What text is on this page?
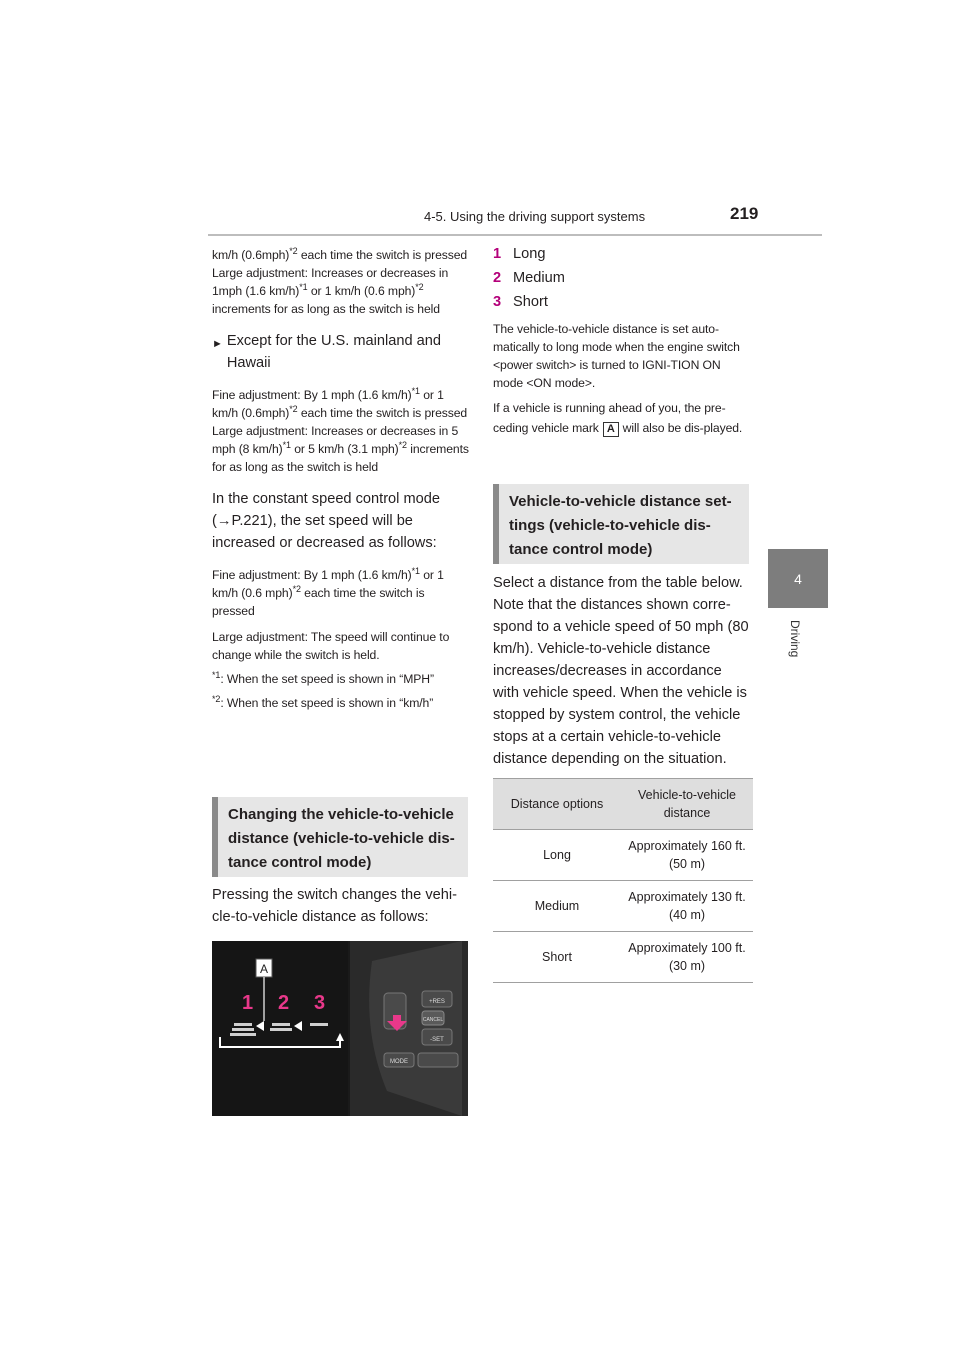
4-5. Using the driving support systems	219
4
Driving

km/h $(0.6mph)^{*2}$ each time the switch is pressed

Large adjustment: Increases or decreases in 1mph (1.6 km/h)$^{*1}$ or 1 km/h (0.6 mph)$^{*2}$ increments for as long as the switch is held

► Except for the U.S. mainland and Hawaii

Fine adjustment: By 1 mph (1.6 km/h)$^{*1}$ or 1 km/h $(0.6mph)^{*2}$ each time the switch is pressed

Large adjustment: Increases or decreases in 5 mph (8 km/h)$^{*1}$ or 5 km/h (3.1 mph)$^{*2}$ increments for as long as the switch is held

In the constant speed control mode (→P.221), the set speed will be increased or decreased as follows:

Fine adjustment: By 1 mph (1.6 km/h)$^{*1}$ or 1 km/h (0.6 mph)$^{*2}$ each time the switch is pressed

Large adjustment: The speed will continue to change while the switch is held.

$^{*1}$: When the set speed is shown in “MPH”

$^{*2}$: When the set speed is shown in “km/h”

Changing the vehicle-to-vehicle distance (vehicle-to-vehicle dis-tance control mode)

Pressing the switch changes the vehi-cle-to-vehicle distance as follows:

A
1 2 3	+RES
CANCEL
-SET
MODE
1 Long
2 Medium
3 Short

The vehicle-to-vehicle distance is set auto-matically to long mode when the engine switch <power switch> is turned to IGNI-TION ON mode <ON mode>.

If a vehicle is running ahead of you, the pre-ceding vehicle mark A will also be dis-played.

Vehicle-to-vehicle distance set-tings (vehicle-to-vehicle dis-tance control mode)

Select a distance from the table below. Note that the distances shown corre-spond to a vehicle speed of 50 mph (80 km/h). Vehicle-to-vehicle distance increases/decreases in accordance with vehicle speed. When the vehicle is stopped by system control, the vehicle stops at a certain vehicle-to-vehicle distance depending on the situation.

Distance options	Vehicle-to-vehicle distance
Long	Approximately 160 ft. (50 m)
Medium	Approximately 130 ft. (40 m)
Short	Approximately 100 ft. (30 m)
